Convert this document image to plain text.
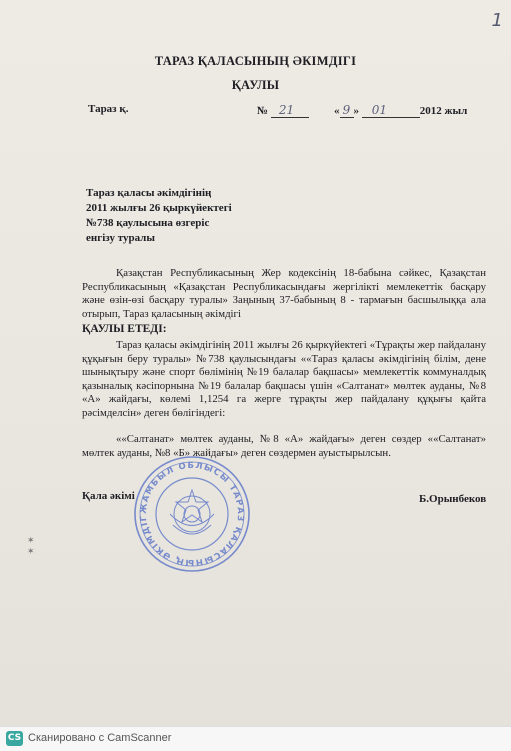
1
ТАРАЗ ҚАЛАСЫНЫҢ ӘКІМДІГІ
ҚАУЛЫ
Тараз қ.	№ 21	« 9 » 01	2012 жыл
Тараз қаласы әкімдігінің
2011 жылғы 26 қыркүйектегі
№738 қаулысына өзгеріс
енгізу туралы

Қазақстан Республикасының Жер кодексінің 18-бабына сәйкес, Қазақстан Республикасының «Қазақстан Республикасындағы жергілікті мемлекеттік басқару және өзін-өзі басқару туралы» Заңының 37-бабының 8 - тармағын басшылыққа ала отырып, Тараз қаласының әкімдігі

ҚАУЛЫ ЕТЕДІ:

Тараз қаласы әкімдігінің 2011 жылғы 26 қыркүйектегі «Тұрақты жер пайдалану құқығын беру туралы» №738 қаулысындағы ««Тараз қаласы әкімдігінің білім, дене шынықтыру және спорт бөлімінің №19 балалар бақшасы» мемлекеттік коммуналдық қазыналық кәсіпорнына №19 балалар бақшасы үшін «Салтанат» мөлтек ауданы, №8 «А» жайдағы, көлемі 1,1254 га жерге тұрақты жер пайдалану құқығы қайта рәсімделсін» деген бөлігіндегі:

««Салтанат» мөлтек ауданы, №8 «А» жайдағы» деген сөздер ««Салтанат» мөлтек ауданы, №8 «Б» жайдағы» деген сөздермен ауыстырылсын.

ЖАМБЫЛ ОБЛЫСЫ ТАРАЗ ҚАЛАСЫНЫҢ ӘКІМДІГ
Қала әкімі	Б.Орынбеков
✶
✶
CS Сканировано с CamScanner
